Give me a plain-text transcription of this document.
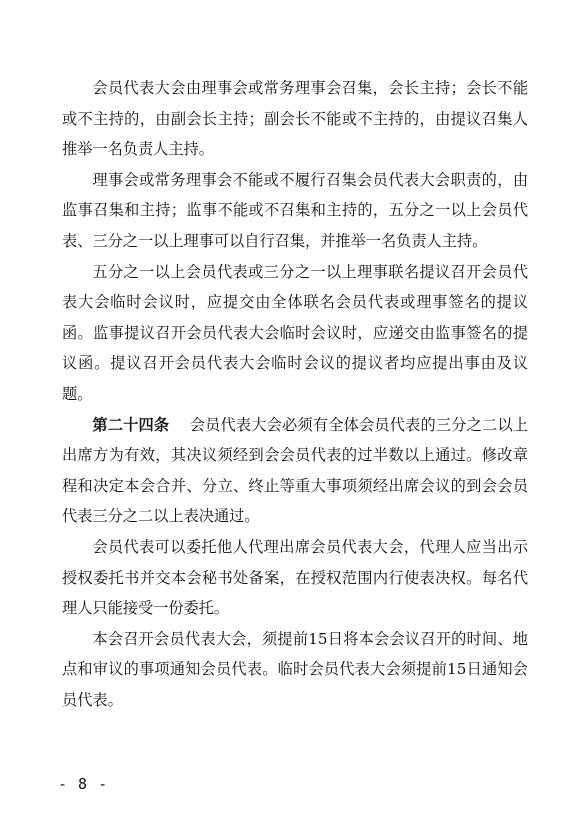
会员代表大会由理事会或常务理事会召集，会长主持；会长不能或不主持的，由副会长主持；副会长不能或不主持的，由提议召集人推举一名负责人主持。

理事会或常务理事会不能或不履行召集会员代表大会职责的，由监事召集和主持；监事不能或不召集和主持的，五分之一以上会员代表、三分之一以上理事可以自行召集，并推举一名负责人主持。

五分之一以上会员代表或三分之一以上理事联名提议召开会员代表大会临时会议时，应提交由全体联名会员代表或理事签名的提议函。监事提议召开会员代表大会临时会议时，应递交由监事签名的提议函。提议召开会员代表大会临时会议的提议者均应提出事由及议题。

第二十四条　 会员代表大会必须有全体会员代表的三分之二以上出席方为有效，其决议须经到会会员代表的过半数以上通过。修改章程和决定本会合并、分立、终止等重大事项须经出席会议的到会会员代表三分之二以上表决通过。

会员代表可以委托他人代理出席会员代表大会，代理人应当出示授权委托书并交本会秘书处备案，在授权范围内行使表决权。每名代理人只能接受一份委托。

本会召开会员代表大会，须提前15日将本会会议召开的时间、地点和审议的事项通知会员代表。临时会员代表大会须提前15日通知会员代表。

- 8 -
